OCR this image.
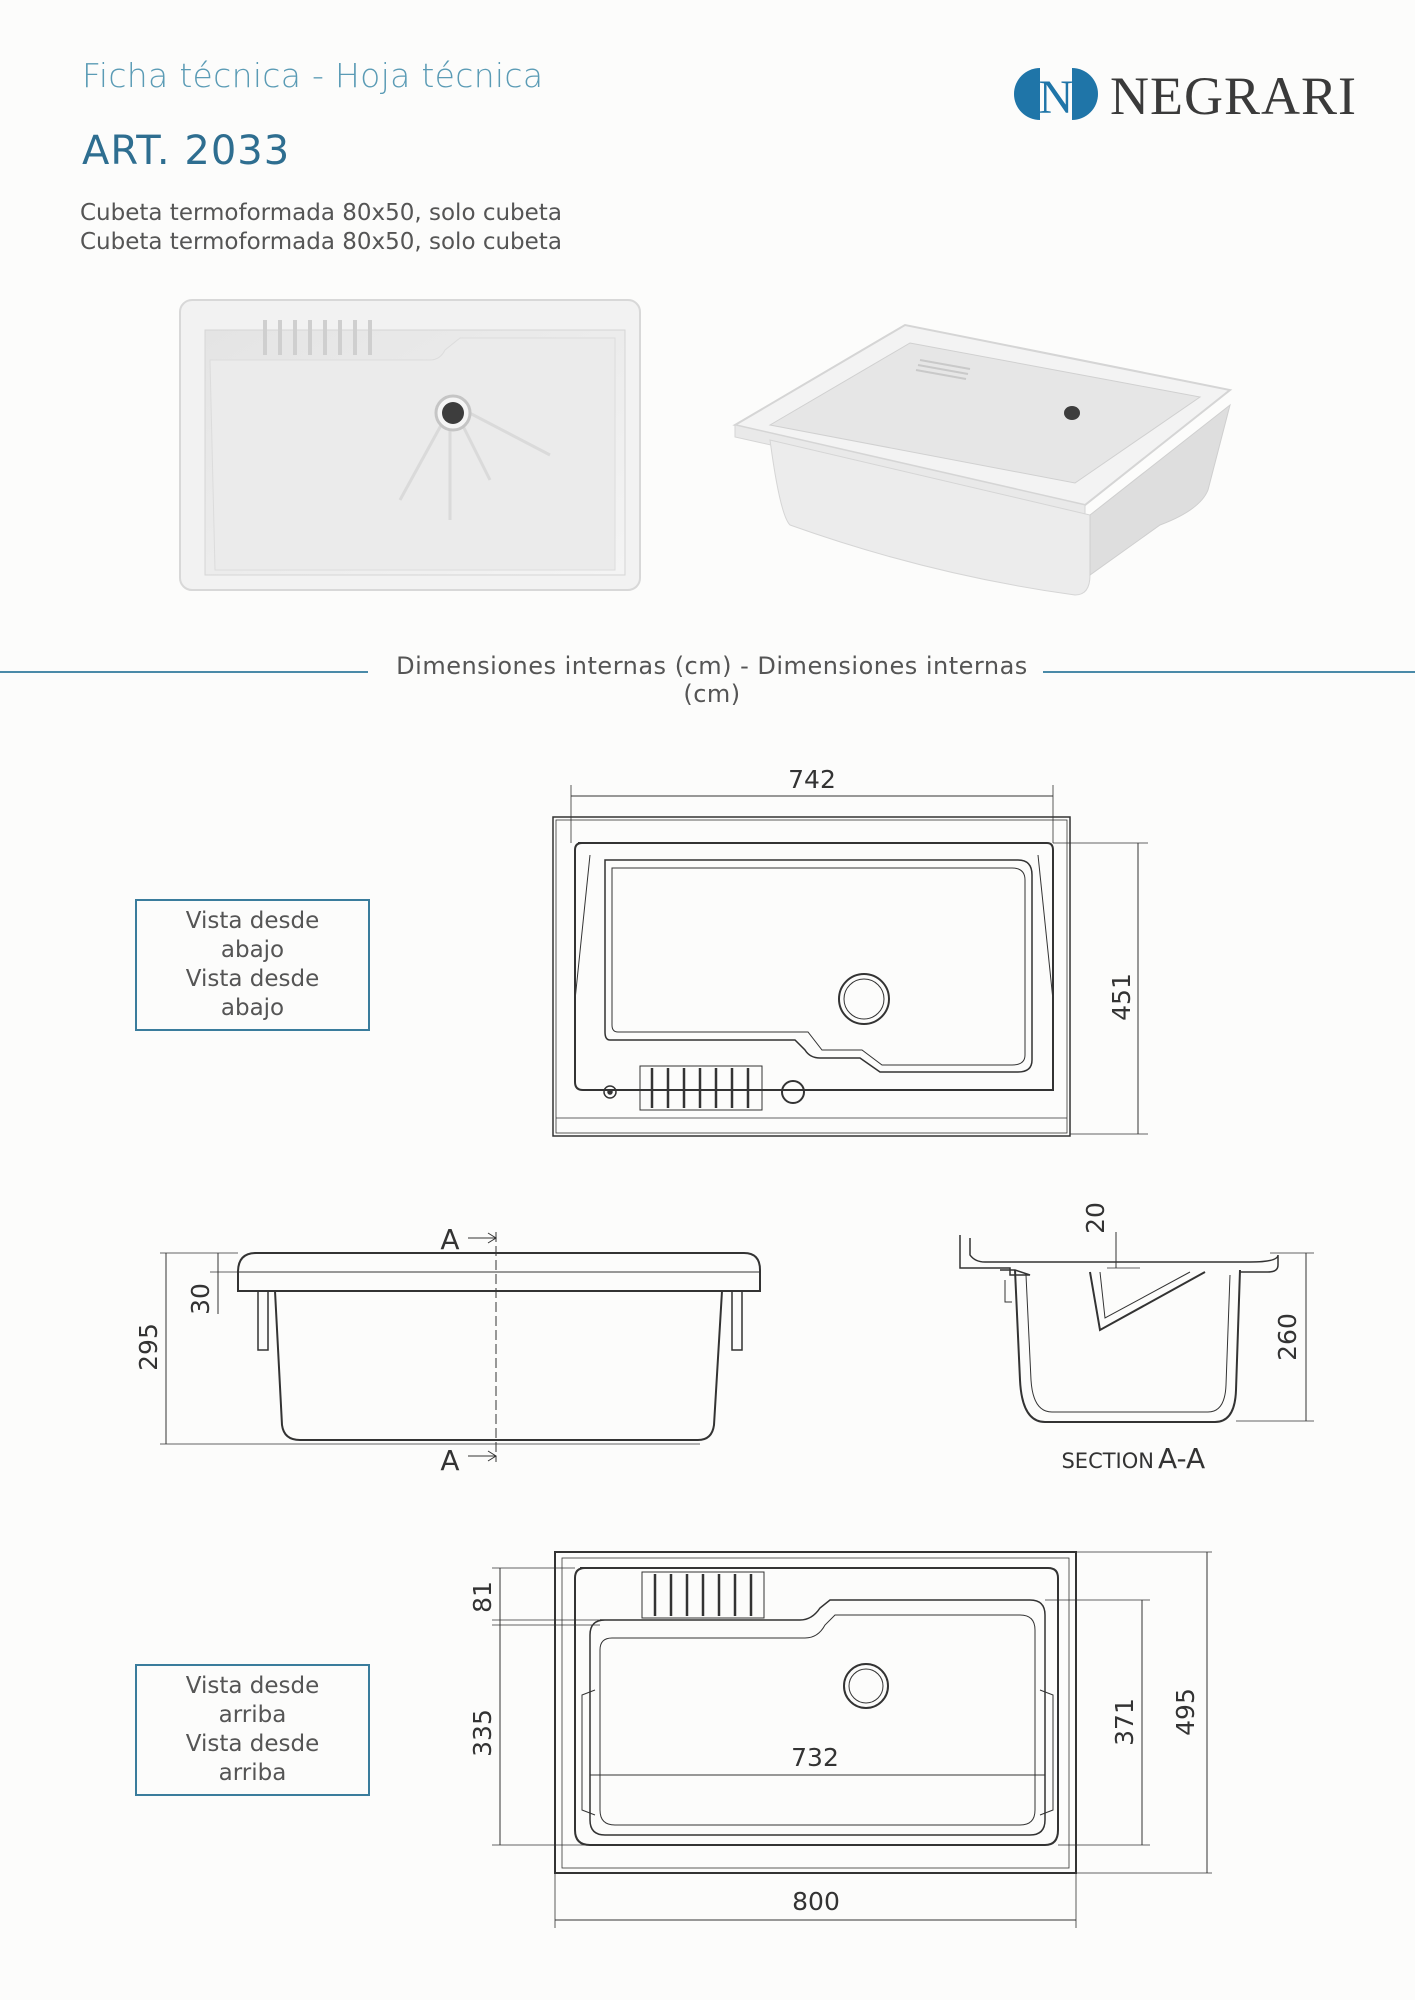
Ficha técnica - Hoja técnica
ART. 2033
Cubeta termoformada 80x50, solo cubeta
Cubeta termoformada 80x50, solo cubeta
N NEGRARI
Dimensiones internas (cm) - Dimensiones internas (cm)
Vista desde abajo
Vista desde abajo
Vista desde arriba
Vista desde arriba
742
451
295
30
A
A
20
260
SECTION A-A
81
335
732
371 495
800
